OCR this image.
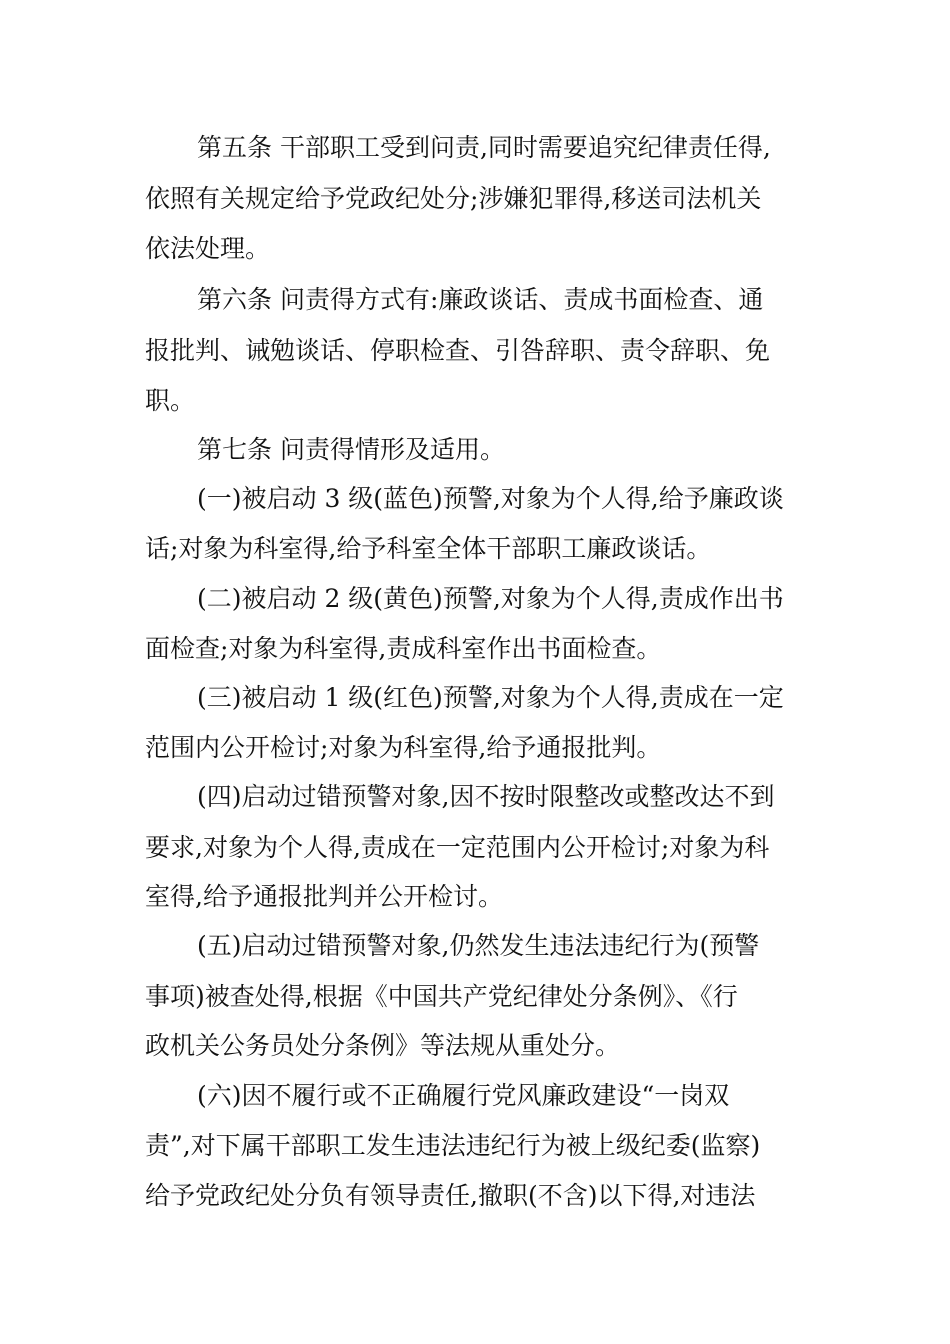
第五条 干部职工受到问责,同时需要追究纪律责任得,
依照有关规定给予党政纪处分;涉嫌犯罪得,移送司法机关
依法处理。
第六条 问责得方式有:廉政谈话、责成书面检查、通
报批判、诫勉谈话、停职检查、引咎辞职、责令辞职、免
职。
第七条 问责得情形及适用。
(一)被启动 3 级(蓝色)预警,对象为个人得,给予廉政谈
话;对象为科室得,给予科室全体干部职工廉政谈话。
(二)被启动 2 级(黄色)预警,对象为个人得,责成作出书
面检查;对象为科室得,责成科室作出书面检查。
(三)被启动 1 级(红色)预警,对象为个人得,责成在一定
范围内公开检讨;对象为科室得,给予通报批判。
(四)启动过错预警对象,因不按时限整改或整改达不到
要求,对象为个人得,责成在一定范围内公开检讨;对象为科
室得,给予通报批判并公开检讨。
(五)启动过错预警对象,仍然发生违法违纪行为(预警
事项)被查处得,根据《中国共产党纪律处分条例》、《行
政机关公务员处分条例》等法规从重处分。
(六)因不履行或不正确履行党风廉政建设“一岗双
责”,对下属干部职工发生违法违纪行为被上级纪委(监察)
给予党政纪处分负有领导责任,撤职(不含)以下得,对违法
